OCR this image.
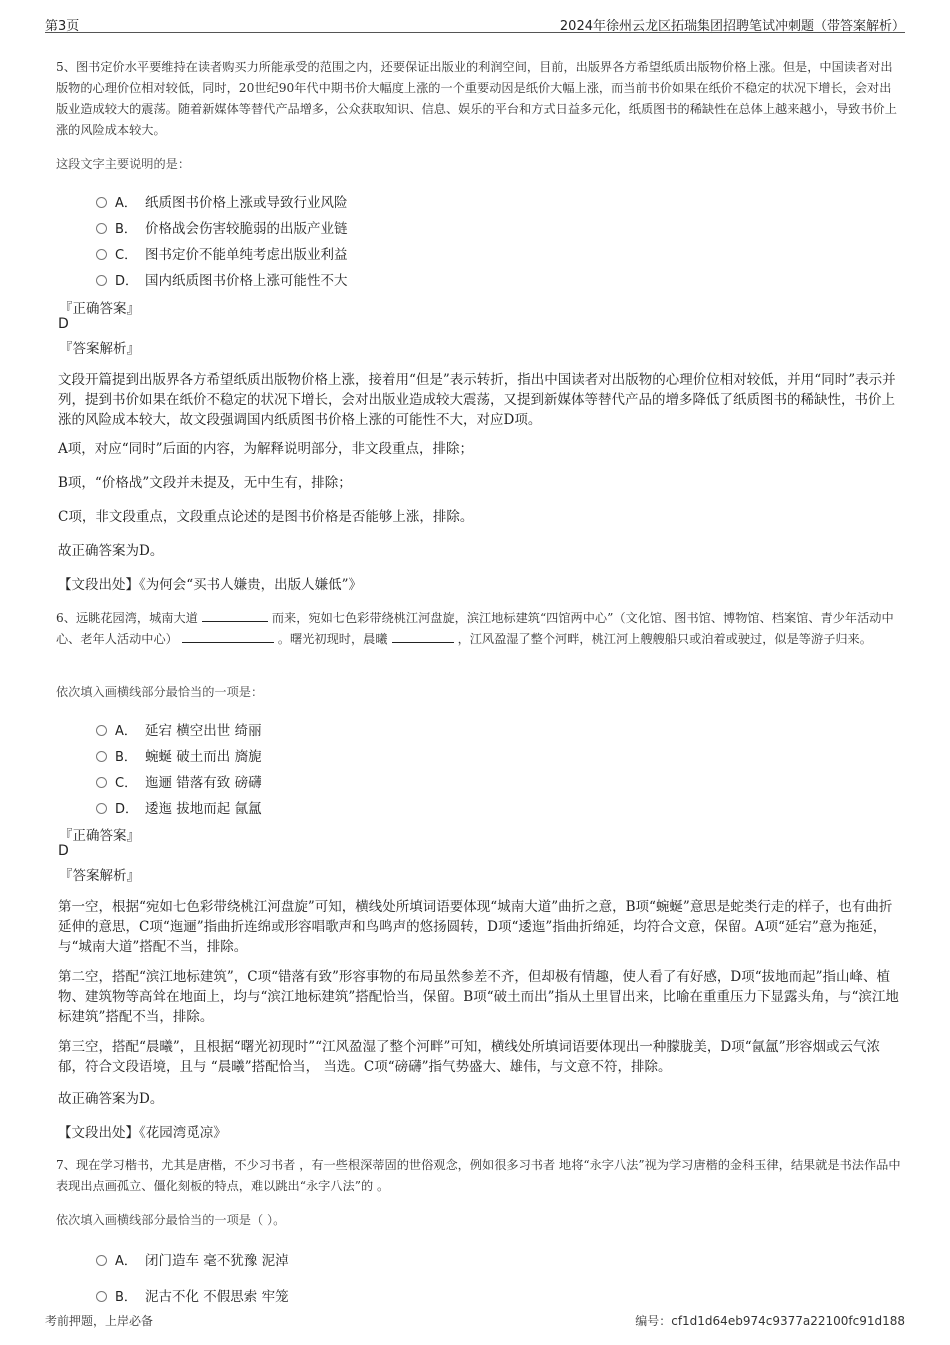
第3页	2024年徐州云龙区拓瑞集团招聘笔试冲刺题（带答案解析）
5、图书定价水平要维持在读者购买力所能承受的范围之内，还要保证出版业的利润空间，目前，出版界各方希望纸质出版物价格上涨。但是，中国读者对出版物的心理价位相对较低，同时，20世纪90年代中期书价大幅度上涨的一个重要动因是纸价大幅上涨，而当前书价如果在纸价不稳定的状况下增长，会对出版业造成较大的震荡。随着新媒体等替代产品增多，公众获取知识、信息、娱乐的平台和方式日益多元化，纸质图书的稀缺性在总体上越来越小，导致书价上涨的风险成本较大。
这段文字主要说明的是：
A． 纸质图书价格上涨或导致行业风险
B． 价格战会伤害较脆弱的出版产业链
C． 图书定价不能单纯考虑出版业利益
D． 国内纸质图书价格上涨可能性不大
『正确答案』
D
『答案解析』
文段开篇提到出版界各方希望纸质出版物价格上涨，接着用“但是”表示转折，指出中国读者对出版物的心理价位相对较低，并用“同时”表示并列，提到书价如果在纸价不稳定的状况下增长，会对出版业造成较大震荡，又提到新媒体等替代产品的增多降低了纸质图书的稀缺性，书价上涨的风险成本较大，故文段强调国内纸质图书价格上涨的可能性不大，对应D项。
A项，对应“同时”后面的内容，为解释说明部分，非文段重点，排除；
B项，“价格战”文段并未提及，无中生有，排除；
C项，非文段重点，文段重点论述的是图书价格是否能够上涨，排除。
故正确答案为D。
【文段出处】《为何会“买书人嫌贵，出版人嫌低”》
6、远眺花园湾，城南大道	而来，宛如七色彩带绕桃江河盘旋，滨江地标建筑“四馆两中心”（文化馆、图书馆、博物馆、档案馆、青少年活动中心、老年人活动中心）	。曙光初现时，晨曦	，江风盈湿了整个河畔，桃江河上艘艘船只或泊着或驶过，似是等游子归来。
依次填入画横线部分最恰当的一项是：
A． 延宕 横空出世 绮丽
B． 蜿蜒 破土而出 旖旎
C． 迤逦 错落有致 磅礴
D． 逶迤 拔地而起 氤氲
『正确答案』
D
『答案解析』
第一空，根据“宛如七色彩带绕桃江河盘旋”可知，横线处所填词语要体现“城南大道”曲折之意，B项“蜿蜒”意思是蛇类行走的样子，也有曲折延伸的意思，C项“迤逦”指曲折连绵或形容唱歌声和鸟鸣声的悠扬圆转，D项“逶迤”指曲折绵延，均符合文意，保留。A项“延宕”意为拖延，与“城南大道”搭配不当，排除。
第二空，搭配“滨江地标建筑”，C项“错落有致”形容事物的布局虽然参差不齐，但却极有情趣，使人看了有好感，D项“拔地而起”指山峰、植物、建筑物等高耸在地面上，均与“滨江地标建筑”搭配恰当，保留。B项“破土而出”指从土里冒出来，比喻在重重压力下显露头角，与“滨江地标建筑”搭配不当，排除。
第三空，搭配“晨曦”，且根据“曙光初现时”“江风盈湿了整个河畔”可知，横线处所填词语要体现出一种朦胧美，D项“氤氲”形容烟或云气浓郁，符合文段语境，且与 “晨曦”搭配恰当， 当选。C项“磅礴”指气势盛大、雄伟，与文意不符，排除。
故正确答案为D。
【文段出处】《花园湾觅凉》
7、现在学习楷书，尤其是唐楷，不少习书者 ，有一些根深蒂固的世俗观念，例如很多习书者 地将“永字八法”视为学习唐楷的金科玉律，结果就是书法作品中表现出点画孤立、僵化刻板的特点，难以跳出“永字八法”的 。
依次填入画横线部分最恰当的一项是（ ）。
A． 闭门造车 毫不犹豫 泥淖
B． 泥古不化 不假思索 牢笼
考前押题，上岸必备	编号：cf1d1d64eb974c9377a22100fc91d188
